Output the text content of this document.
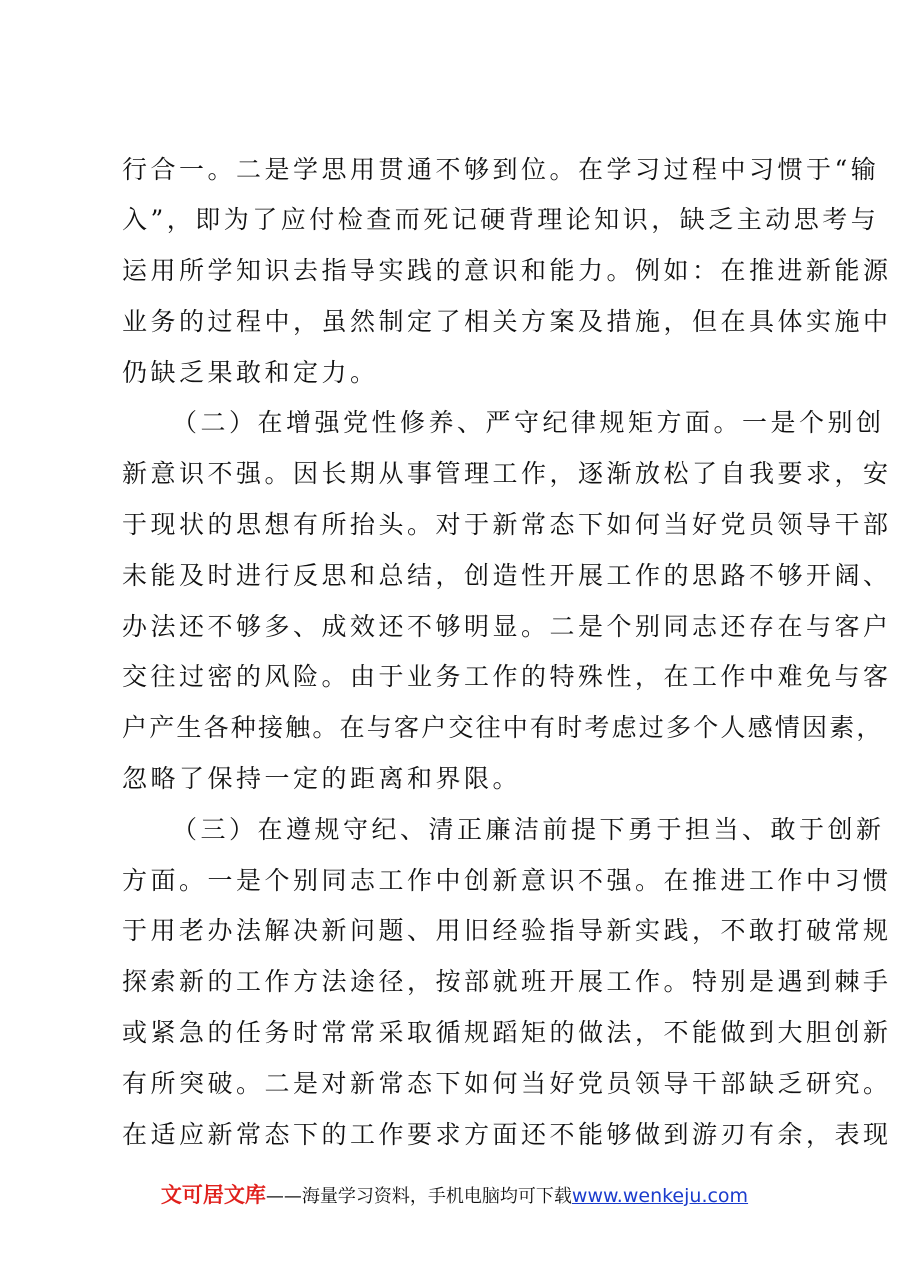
行合一。二是学思用贯通不够到位。在学习过程中习惯于“输
入”，即为了应付检查而死记硬背理论知识，缺乏主动思考与
运用所学知识去指导实践的意识和能力。例如：在推进新能源
业务的过程中，虽然制定了相关方案及措施，但在具体实施中
仍缺乏果敢和定力。
（二）在增强党性修养、严守纪律规矩方面。一是个别创
新意识不强。因长期从事管理工作，逐渐放松了自我要求，安
于现状的思想有所抬头。对于新常态下如何当好党员领导干部
未能及时进行反思和总结，创造性开展工作的思路不够开阔、
办法还不够多、成效还不够明显。二是个别同志还存在与客户
交往过密的风险。由于业务工作的特殊性，在工作中难免与客
户产生各种接触。在与客户交往中有时考虑过多个人感情因素，
忽略了保持一定的距离和界限。
（三）在遵规守纪、清正廉洁前提下勇于担当、敢于创新
方面。一是个别同志工作中创新意识不强。在推进工作中习惯
于用老办法解决新问题、用旧经验指导新实践，不敢打破常规
探索新的工作方法途径，按部就班开展工作。特别是遇到棘手
或紧急的任务时常常采取循规蹈矩的做法，不能做到大胆创新
有所突破。二是对新常态下如何当好党员领导干部缺乏研究。
在适应新常态下的工作要求方面还不能够做到游刃有余，表现
文可居文库——海量学习资料，手机电脑均可下载www.wenkeju.com
